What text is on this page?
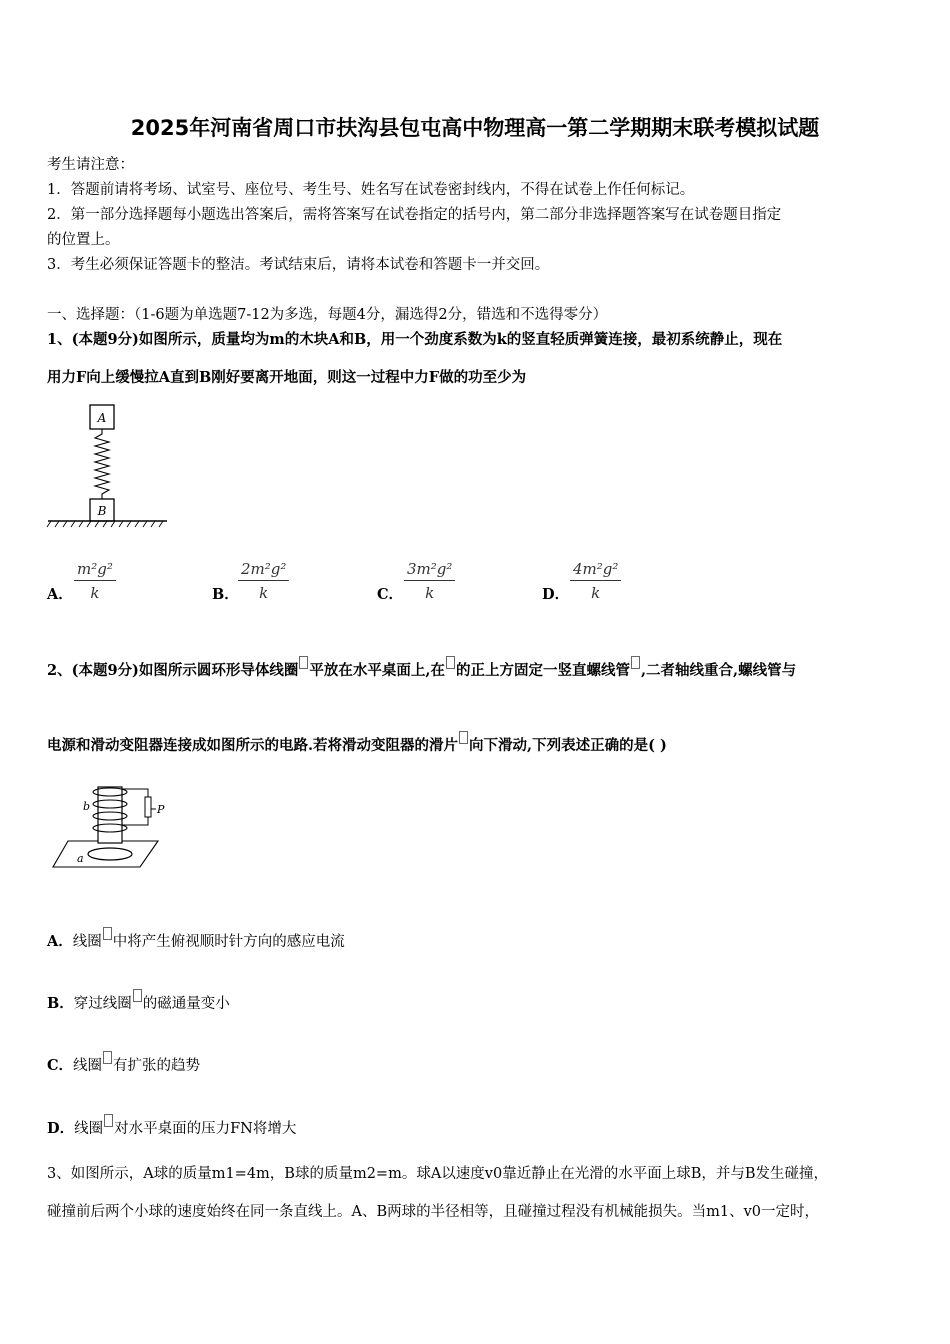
2025年河南省周口市扶沟县包屯高中物理高一第二学期期末联考模拟试题
考生请注意：
1．答题前请将考场、试室号、座位号、考生号、姓名写在试卷密封线内，不得在试卷上作任何标记。
2．第一部分选择题每小题选出答案后，需将答案写在试卷指定的括号内，第二部分非选择题答案写在试卷题目指定
的位置上。
3．考生必须保证答题卡的整洁。考试结束后，请将本试卷和答题卡一并交回。
一、选择题：（1-6题为单选题7-12为多选，每题4分，漏选得2分，错选和不选得零分）
1、(本题9分)如图所示，质量均为m的木块A和B，用一个劲度系数为k的竖直轻质弹簧连接，最初系统静止，现在
用力F向上缓慢拉A直到B刚好要离开地面，则这一过程中力F做的功至少为
A
B
A． $\frac{\text{m²g²}}{k}$	B． $\frac{\text{2m²g²}}{k}$	C． $\frac{\text{3m²g²}}{k}$	D． $\frac{\text{4m²g²}}{k}$
2、(本题9分)如图所示圆环形导体线圈 平放在水平桌面上,在 的正上方固定一竖直螺线管 ,二者轴线重合,螺线管与
电源和滑动变阻器连接成如图所示的电路.若将滑动变阻器的滑片 向下滑动,下列表述正确的是( )
P
b
a
A．线圈 中将产生俯视顺时针方向的感应电流
B．穿过线圈 的磁通量变小
C．线圈 有扩张的趋势
D．线圈 对水平桌面的压力FN将增大
3、如图所示，A球的质量m1=4m，B球的质量m2=m。球A以速度v0靠近静止在光滑的水平面上球B，并与B发生碰撞，
碰撞前后两个小球的速度始终在同一条直线上。A、B两球的半径相等，且碰撞过程没有机械能损失。当m1、v0一定时，
